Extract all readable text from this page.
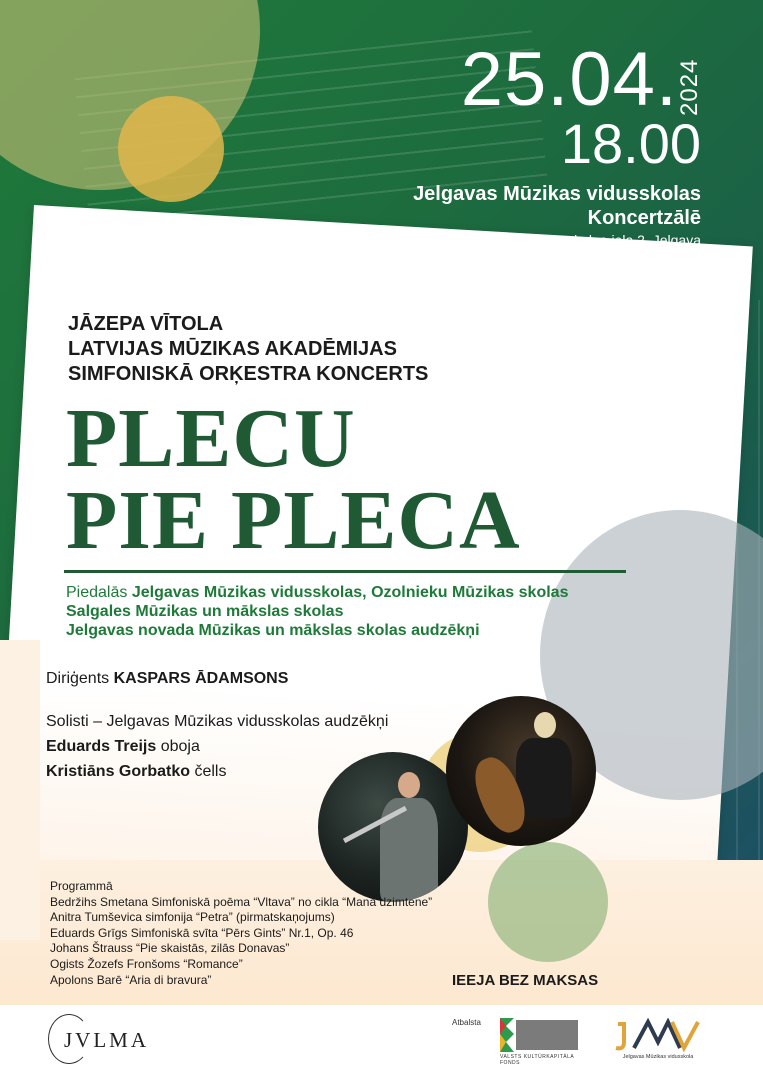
25.04.
2024
18.00
Jelgavas Mūzikas vidusskolas
Koncertzālē
Lapskalna iela 2, Jelgava
JĀZEPA VĪTOLA
LATVIJAS MŪZIKAS AKADĒMIJAS
SIMFONISKĀ ORĶESTRA KONCERTS
PLECU
PIE PLECA
Piedalās Jelgavas Mūzikas vidusskolas, Ozolnieku Mūzikas skolas
Salgales Mūzikas un mākslas skolas
Jelgavas novada Mūzikas un mākslas skolas audzēkņi
Diriģents KASPARS ĀDAMSONS
Solisti – Jelgavas Mūzikas vidusskolas audzēkņi
Eduards Treijs oboja
Kristiāns Gorbatko čells
Programmā
Bedržihs Smetana Simfoniskā poēma “Vltava” no cikla “Mana dzimtene”
Anitra Tumševica simfonija “Petra” (pirmatskaņojums)
Eduards Grīgs Simfoniskā svīta “Pērs Gints” Nr.1, Op. 46
Johans Štrauss “Pie skaistās, zilās Donavas”
Ogists Žozefs Fronšoms “Romance”
Apolons Barē “Aria di bravura”	IEEJA BEZ MAKSAS
JVLMA
Atbalsta
VALSTS KULTŪRKAPITĀLA FONDS
Jelgavas Mūzikas vidusskola
